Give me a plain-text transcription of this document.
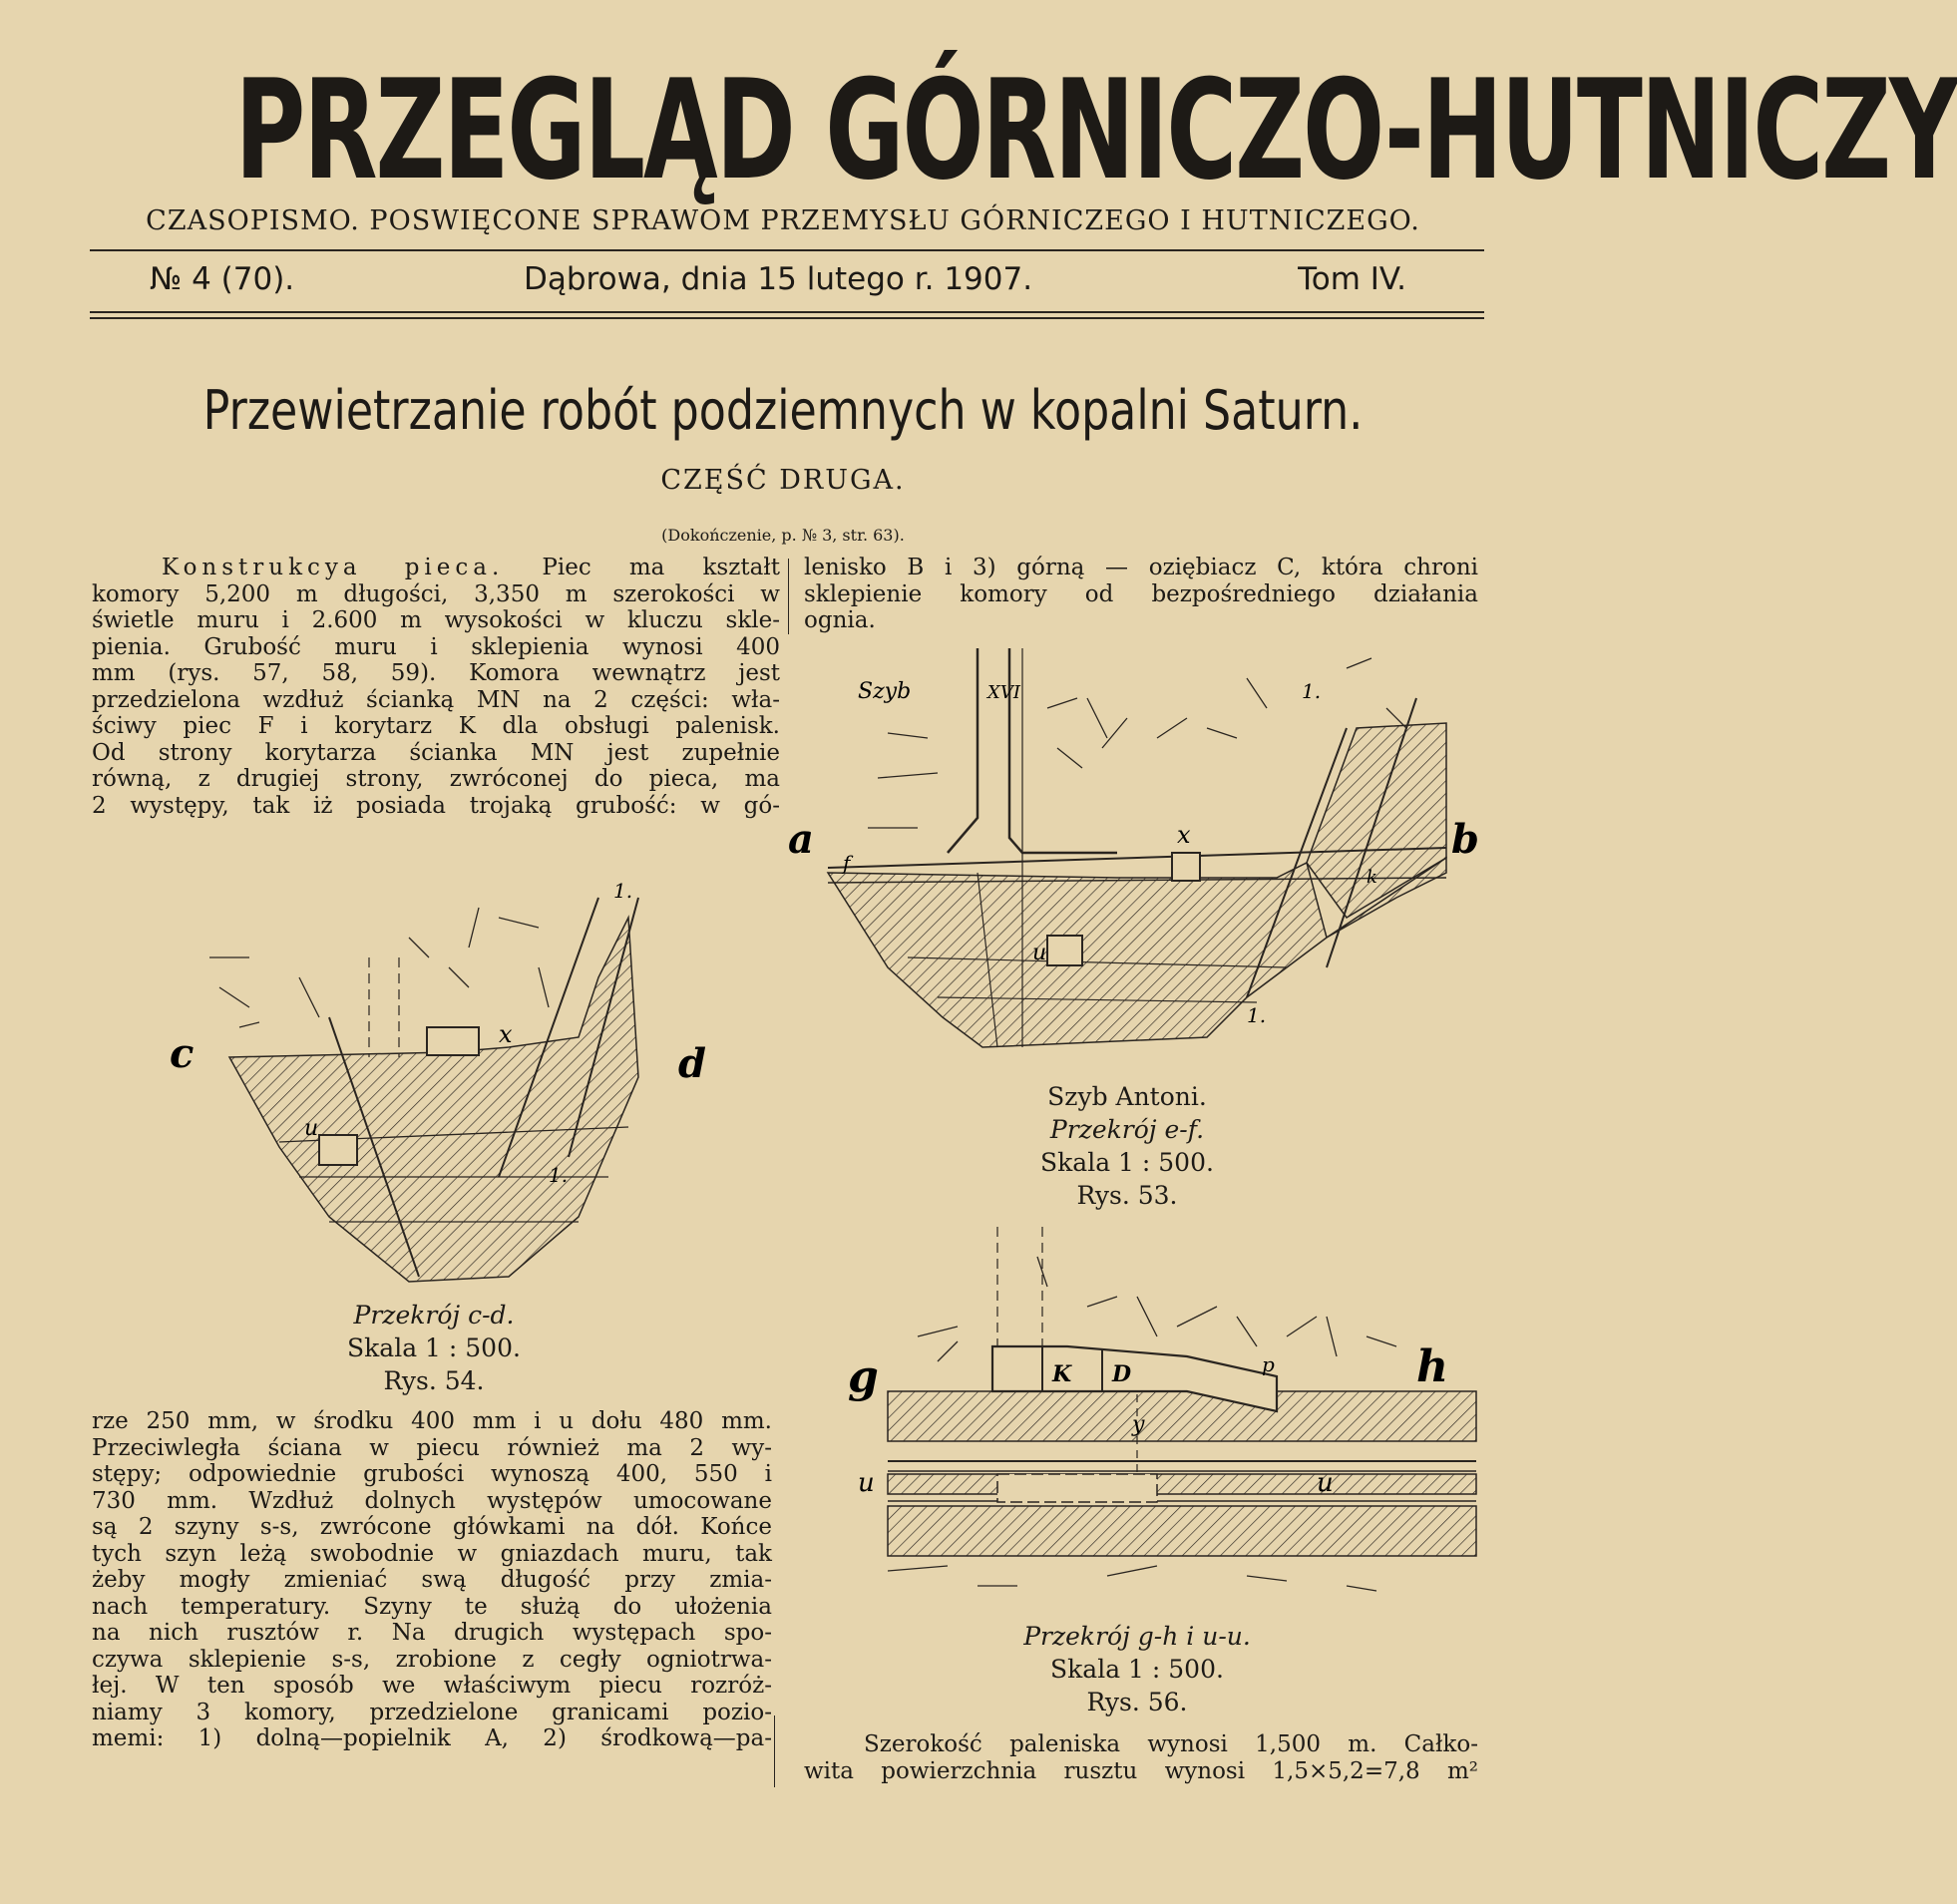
PRZEGLĄD GÓRNICZO-HUTNICZY
CZASOPISMO. POSWIĘCONE SPRAWOM PRZEMYSŁU GÓRNICZEGO I HUTNICZEGO.
№ 4 (70).	Dąbrowa, dnia 15 lutego r. 1907.	Tom IV.
Przewietrzanie robót podziemnych w kopalni Saturn.
CZĘŚĆ DRUGA.
(Dokończenie, p. № 3, str. 63).
Konstrukcya pieca. Piec ma kształt
komory 5,200 m długości, 3,350 m szerokości w
świetle muru i 2.600 m wysokości w kluczu skle-
pienia. Grubość muru i sklepienia wynosi 400
mm (rys. 57, 58, 59). Komora wewnątrz jest
przedzielona wzdłuż ścianką MN na 2 części: wła-
ściwy piec F i korytarz K dla obsługi palenisk.
Od strony korytarza ścianka MN jest zupełnie
równą, z drugiej strony, zwróconej do pieca, ma
2 występy, tak iż posiada trojaką grubość: w gó-
lenisko B i 3) górną — oziębiacz C, która chroni
sklepienie komory od bezpośredniego działania
ognia.
a	b
Szyb	XVI
x
u
1.
1.
f
k
Szyb Antoni.
Przekrój e-f.
Skala 1 : 500.
Rys. 53.
c	d
x
u
1.
1.
Przekrój c-d.
Skala 1 : 500.
Rys. 54.
rze 250 mm, w środku 400 mm i u dołu 480 mm.
Przeciwległa ściana w piecu również ma 2 wy-
stępy; odpowiednie grubości wynoszą 400, 550 i
730 mm. Wzdłuż dolnych występów umocowane
są 2 szyny s-s, zwrócone główkami na dół. Końce
tych szyn leżą swobodnie w gniazdach muru, tak
żeby mogły zmieniać swą długość przy zmia-
nach temperatury. Szyny te służą do ułożenia
na nich rusztów r. Na drugich występach spo-
czywa sklepienie s-s, zrobione z cegły ogniotrwa-
łej. W ten sposób we właściwym piecu rozróż-
niamy 3 komory, przedzielone granicami pozio-
memi: 1) dolną—popielnik A, 2) środkową—pa-
g	h
u	u
K D
y
p
Przekrój g-h i u-u.
Skala 1 : 500.
Rys. 56.
Szerokość paleniska wynosi 1,500 m. Całko-
wita powierzchnia rusztu wynosi 1,5×5,2=7,8 m²
